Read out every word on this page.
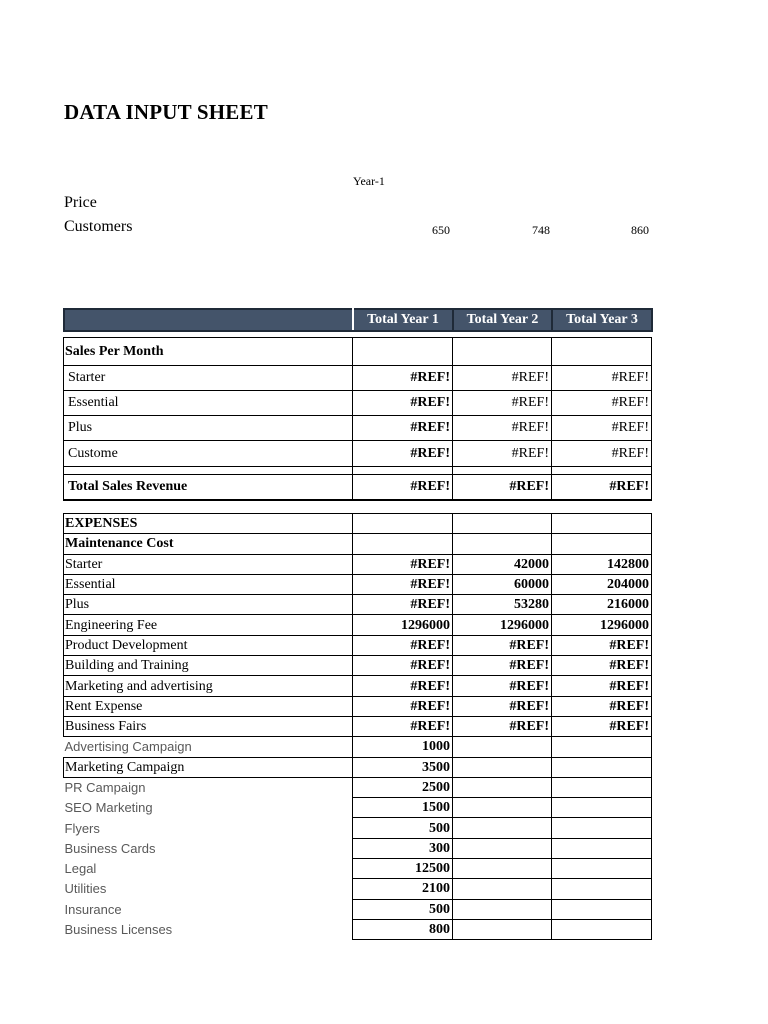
DATA INPUT SHEET
Year-1
Price
Customers	650	748	860
	Total Year 1	Total Year 2	Total Year 3
Sales Per Month			
Starter	#REF!	#REF!	#REF!
Essential	#REF!	#REF!	#REF!
Plus	#REF!	#REF!	#REF!
Custome	#REF!	#REF!	#REF!

Total Sales Revenue	#REF!	#REF!	#REF!
EXPENSES			
Maintenance Cost			
Starter	#REF!	42000	142800
Essential	#REF!	60000	204000
Plus	#REF!	53280	216000
Engineering Fee	1296000	1296000	1296000
Product Development	#REF!	#REF!	#REF!
Building and Training	#REF!	#REF!	#REF!
Marketing and advertising	#REF!	#REF!	#REF!
Rent Expense	#REF!	#REF!	#REF!
Business Fairs	#REF!	#REF!	#REF!
Advertising Campaign	1000		
Marketing Campaign	3500		
PR Campaign	2500		
SEO Marketing	1500		
Flyers	500		
Business Cards	300		
Legal	12500		
Utilities	2100		
Insurance	500		
Business Licenses	800		
